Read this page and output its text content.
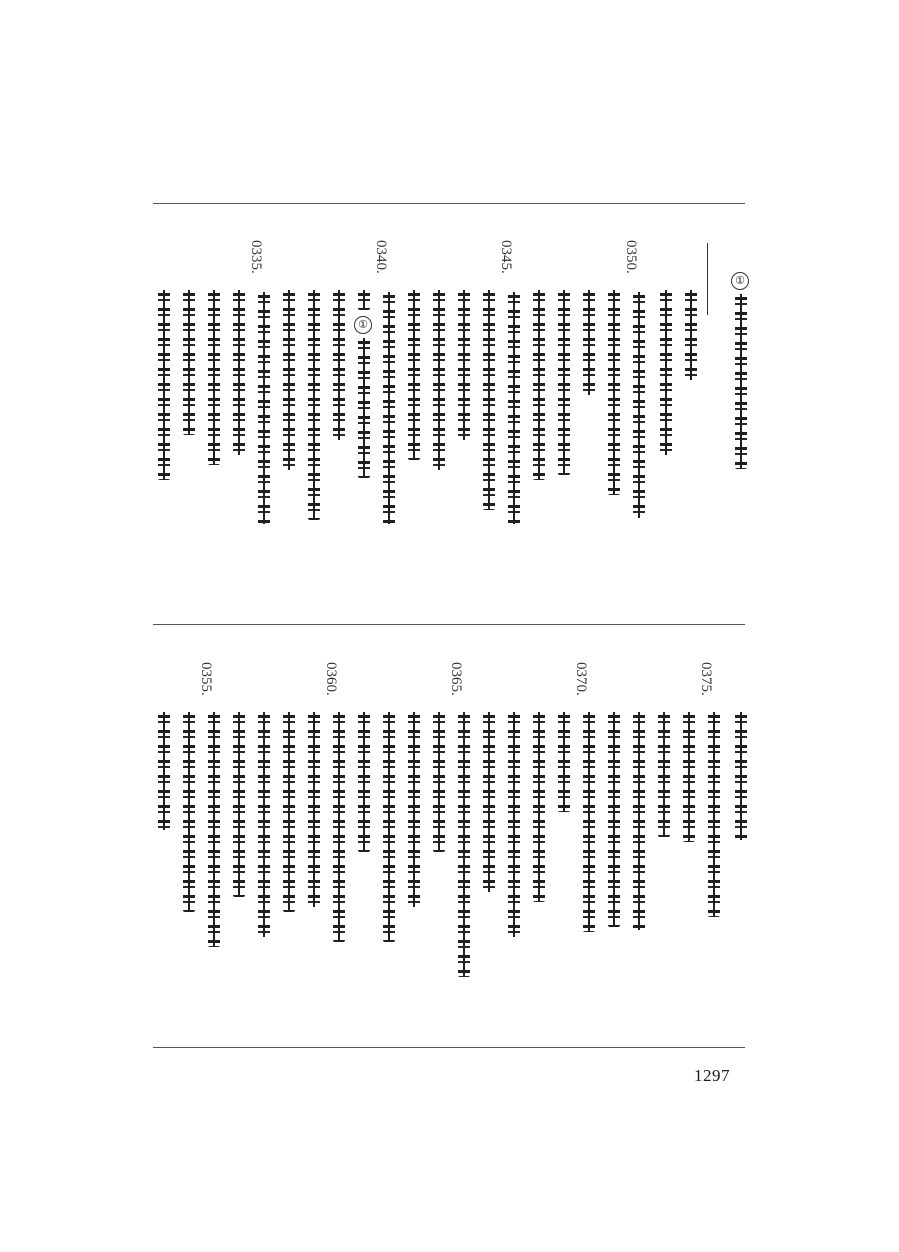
①
0350.
0345.
0340.
①
0335.
0375.
0370.
0365.
0360.
0355.
1297
